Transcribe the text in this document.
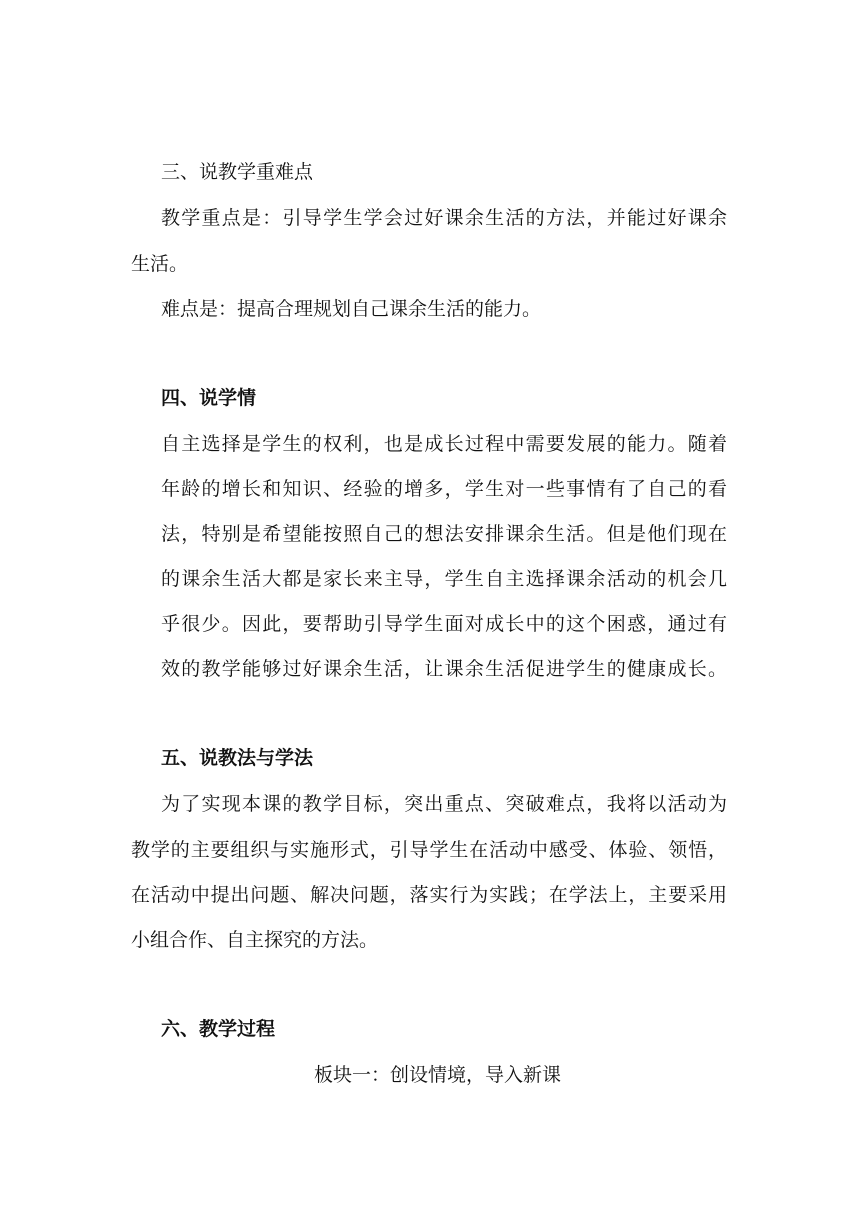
三、说教学重难点

教学重点是：引导学生学会过好课余生活的方法，并能过好课余

生活。

难点是：提高合理规划自己课余生活的能力。

四、说学情

自主选择是学生的权利，也是成长过程中需要发展的能力。随着

年龄的增长和知识、经验的增多，学生对一些事情有了自己的看

法，特别是希望能按照自己的想法安排课余生活。但是他们现在

的课余生活大都是家长来主导，学生自主选择课余活动的机会几

乎很少。因此，要帮助引导学生面对成长中的这个困惑，通过有

效的教学能够过好课余生活，让课余生活促进学生的健康成长。

五、说教法与学法

为了实现本课的教学目标，突出重点、突破难点，我将以活动为

教学的主要组织与实施形式，引导学生在活动中感受、体验、领悟，

在活动中提出问题、解决问题，落实行为实践；在学法上，主要采用

小组合作、自主探究的方法。

六、教学过程

板块一：创设情境，导入新课
